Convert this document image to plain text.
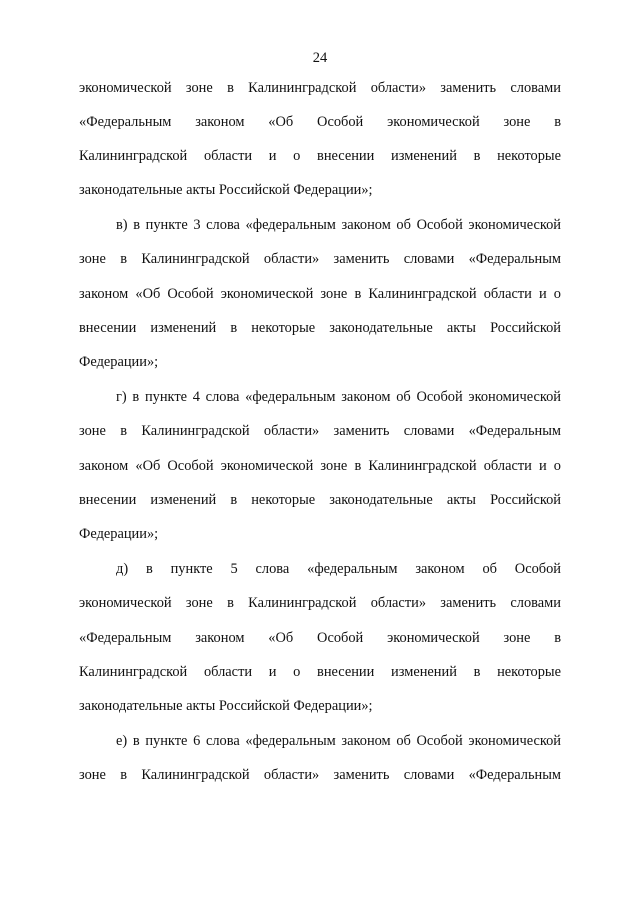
24
экономической зоне в Калининградской области» заменить словами
«Федеральным законом «Об Особой экономической зоне в
Калининградской области и о внесении изменений в некоторые
законодательные акты Российской Федерации»;
в) в пункте 3 слова «федеральным законом об Особой экономической
зоне в Калининградской области» заменить словами «Федеральным
законом «Об Особой экономической зоне в Калининградской области и о
внесении изменений в некоторые законодательные акты Российской
Федерации»;
г) в пункте 4 слова «федеральным законом об Особой экономической
зоне в Калининградской области» заменить словами «Федеральным
законом «Об Особой экономической зоне в Калининградской области и о
внесении изменений в некоторые законодательные акты Российской
Федерации»;
д) в пункте 5 слова «федеральным законом об Особой
экономической зоне в Калининградской области» заменить словами
«Федеральным законом «Об Особой экономической зоне в
Калининградской области и о внесении изменений в некоторые
законодательные акты Российской Федерации»;
е) в пункте 6 слова «федеральным законом об Особой экономической
зоне в Калининградской области» заменить словами «Федеральным
